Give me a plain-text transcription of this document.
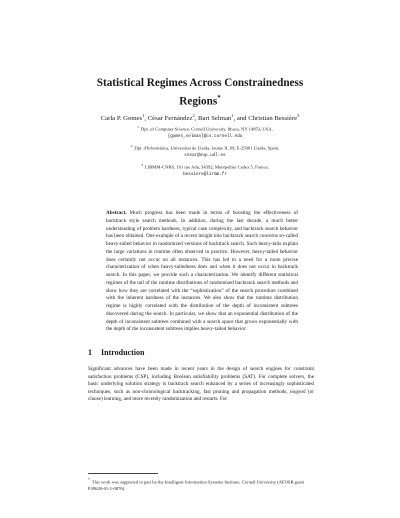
Statistical Regimes Across Constrainedness
Regions*
Carla P. Gomes$^1$, Cèsar Fernández$^2$, Bart Selman$^1$, and Christian Bessière$^3$
$^1$ Dpt. of Computer Science, Cornell University, Ithaca, NY 14853, USA,
{gomes,selman}@cs.cornell.edu
$^2$ Dpt. d'Informàtica, Universitat de Lleida, Jaume II, 69, E-25001 Lleida, Spain,
cesar@eup.udl.es
$^3$ LIRMM-CNRS, 161 rue Ada, 34392, Montpellier Cedex 5, France,
bessiere@lirmm.fr
Abstract. Much progress has been made in terms of boosting the effectiveness of backtrack style search methods. In addition, during the last decade, a much better understanding of problem hardness, typical case complexity, and backtrack search behavior has been obtained. One example of a recent insight into backtrack search concerns so-called heavy-tailed behavior in randomized versions of backtrack search. Such heavy-tails explain the large variations in runtime often observed in practice. However, heavy-tailed behavior does certainly not occur on all instances. This has led to a need for a more precise characterization of when heavy-tailedness does and when it does not occur in backtrack search. In this paper, we provide such a characterization. We identify different statistical regimes of the tail of the runtime distributions of randomized backtrack search methods and show how they are correlated with the “sophistication” of the search procedure combined with the inherent hardness of the instances. We also show that the runtime distribution regime is highly correlated with the distribution of the depth of inconsistent subtrees discovered during the search. In particular, we show that an exponential distribution of the depth of inconsistent subtrees combined with a search space that grows exponentially with the depth of the inconsistent subtrees implies heavy-tailed behavior.
1 Introduction

Significant advances have been made in recent years in the design of search engines for constraint satisfaction problems (CSP), including Boolean satisfiability problems (SAT). For complete solvers, the basic underlying solution strategy is backtrack search enhanced by a series of increasingly sophisticated techniques, such as non-chronological backtracking, fast pruning and propagation methods, nogood (or clause) learning, and more recently randomization and restarts. For

* This work was supported in part by the Intelligent Information Systems Institute, Cornell University (AFOSR grant F49620-01-1-0076).
